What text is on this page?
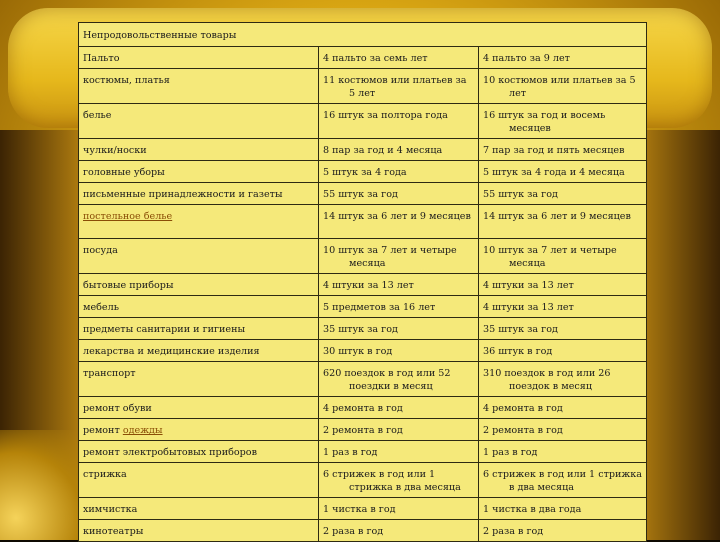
Непродовольственные товары		
Пальто	4 пальто за семь лет	4 пальто за 9 лет
костюмы, платья	11 костюмов или платьев за 5 лет	10 костюмов или платьев за 5 лет

белье	16 штук за полтора года	16 штук за год и восемь месяцев

чулки/носки	8 пар за год и 4 месяца	7 пар за год и пять месяцев
головные уборы	5 штук за 4 года	5 штук за 4 года и 4 месяца
письменные принадлежности и газеты	55 штук за год	55 штук за год
постельное белье	14 штук за 6 лет и 9 месяцев	14 штук за 6 лет и 9 месяцев
посуда	10 штук за 7 лет и четыре месяца	10 штук за 7 лет и четыре месяца

бытовые приборы	4 штуки за 13 лет	4 штуки за 13 лет
мебель	5 предметов за 16 лет	4 штуки за 13 лет
предметы санитарии и гигиены	35 штук за год	35 штук за год
лекарства и медицинские изделия	30 штук в год	36 штук в год
транспорт	620 поездок в год или 52 поездки в месяц	310 поездок в год или 26 поездок в месяц

ремонт обуви	4 ремонта в год	4 ремонта в год
ремонт одежды	2 ремонта в год	2 ремонта в год
ремонт электробытовых приборов	1 раз в год	1 раз в год
стрижка	6 стрижек в год или 1 стрижка в два месяца	6 стрижек в год или 1 стрижка в два месяца

химчистка	1 чистка в год	1 чистка в два года
кинотеатры	2 раза в год	2 раза в год
